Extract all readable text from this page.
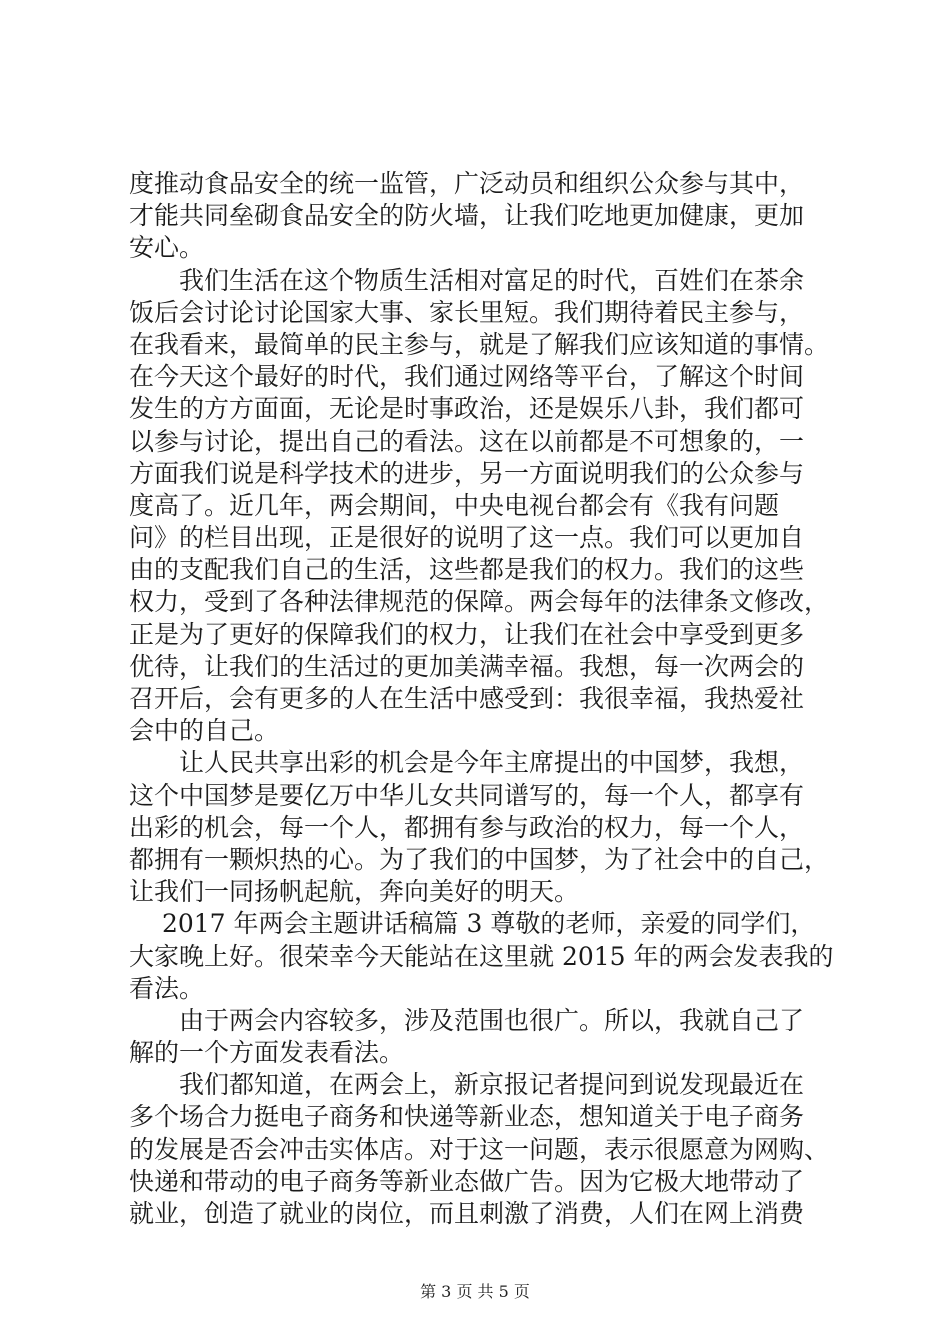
度推动食品安全的统一监管，广泛动员和组织公众参与其中，
才能共同垒砌食品安全的防火墙，让我们吃地更加健康，更加
安心。
　　我们生活在这个物质生活相对富足的时代，百姓们在茶余
饭后会讨论讨论国家大事、家长里短。我们期待着民主参与，
在我看来，最简单的民主参与，就是了解我们应该知道的事情。
在今天这个最好的时代，我们通过网络等平台，了解这个时间
发生的方方面面，无论是时事政治，还是娱乐八卦，我们都可
以参与讨论，提出自己的看法。这在以前都是不可想象的，一
方面我们说是科学技术的进步，另一方面说明我们的公众参与
度高了。近几年，两会期间，中央电视台都会有《我有问题
问》的栏目出现，正是很好的说明了这一点。我们可以更加自
由的支配我们自己的生活，这些都是我们的权力。我们的这些
权力，受到了各种法律规范的保障。两会每年的法律条文修改，
正是为了更好的保障我们的权力，让我们在社会中享受到更多
优待，让我们的生活过的更加美满幸福。我想，每一次两会的
召开后，会有更多的人在生活中感受到：我很幸福，我热爱社
会中的自己。
　　让人民共享出彩的机会是今年主席提出的中国梦，我想，
这个中国梦是要亿万中华儿女共同谱写的，每一个人，都享有
出彩的机会，每一个人，都拥有参与政治的权力，每一个人，
都拥有一颗炽热的心。为了我们的中国梦，为了社会中的自己，
让我们一同扬帆起航，奔向美好的明天。
　 2017 年两会主题讲话稿篇 3 尊敬的老师，亲爱的同学们，
大家晚上好。很荣幸今天能站在这里就 2015 年的两会发表我的
看法。
　　由于两会内容较多，涉及范围也很广。所以，我就自己了
解的一个方面发表看法。
　　我们都知道，在两会上，新京报记者提问到说发现最近在
多个场合力挺电子商务和快递等新业态，想知道关于电子商务
的发展是否会冲击实体店。对于这一问题，表示很愿意为网购、
快递和带动的电子商务等新业态做广告。因为它极大地带动了
就业，创造了就业的岗位，而且刺激了消费，人们在网上消费
第 3 页 共 5 页
